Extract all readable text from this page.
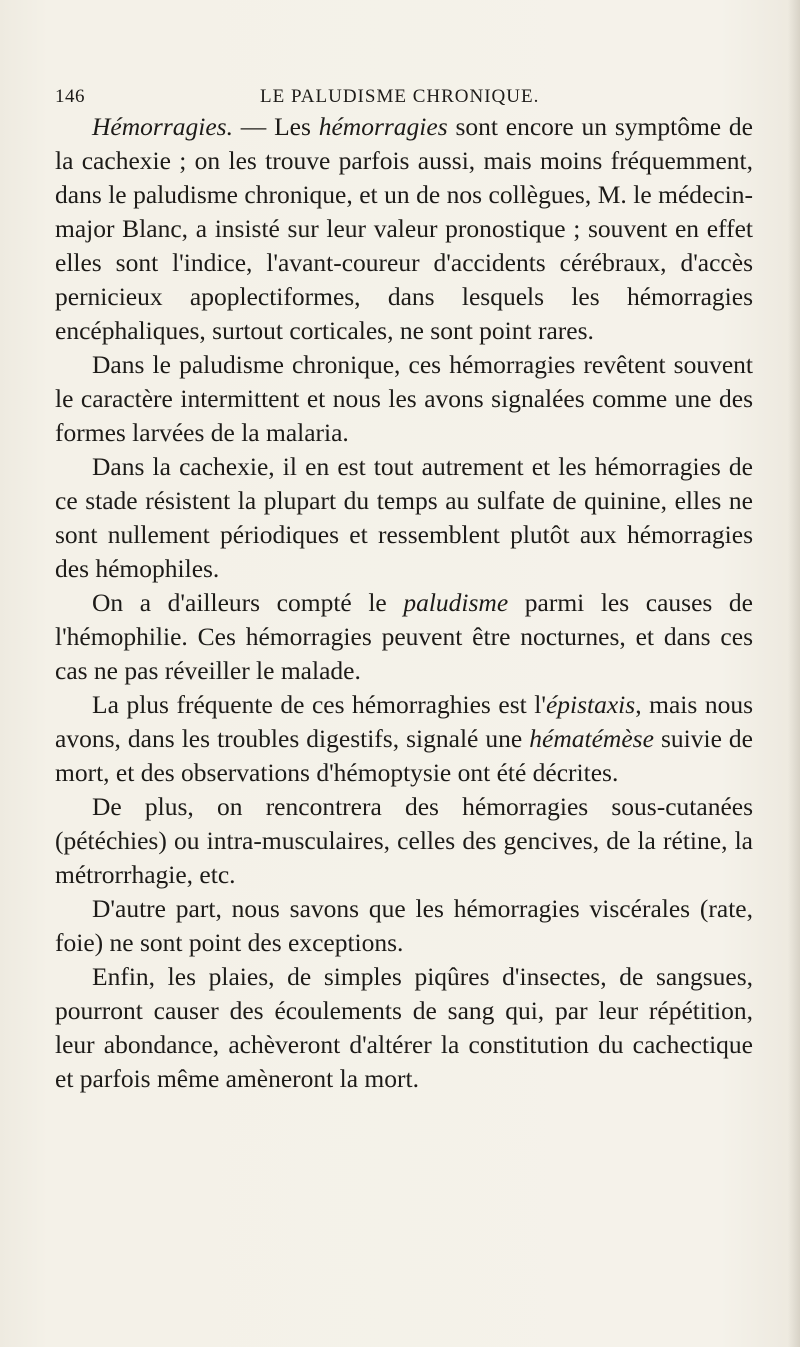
146	LE PALUDISME CHRONIQUE.

Hémorragies. — Les hémorragies sont encore un symptôme de la cachexie ; on les trouve parfois aussi, mais moins fréquemment, dans le paludisme chronique, et un de nos collègues, M. le médecin-major Blanc, a insisté sur leur valeur pronostique ; souvent en effet elles sont l'indice, l'avant-coureur d'accidents cérébraux, d'accès pernicieux apoplectiformes, dans lesquels les hémorragies encéphaliques, surtout corticales, ne sont point rares.

Dans le paludisme chronique, ces hémorragies revêtent souvent le caractère intermittent et nous les avons signalées comme une des formes larvées de la malaria.

Dans la cachexie, il en est tout autrement et les hémorragies de ce stade résistent la plupart du temps au sulfate de quinine, elles ne sont nullement périodiques et ressemblent plutôt aux hémorragies des hémophiles.

On a d'ailleurs compté le paludisme parmi les causes de l'hémophilie. Ces hémorragies peuvent être nocturnes, et dans ces cas ne pas réveiller le malade.

La plus fréquente de ces hémorraghies est l'épistaxis, mais nous avons, dans les troubles digestifs, signalé une hématémèse suivie de mort, et des observations d'hémoptysie ont été décrites.

De plus, on rencontrera des hémorragies sous-cutanées (pétéchies) ou intra-musculaires, celles des gencives, de la rétine, la métrorrhagie, etc.

D'autre part, nous savons que les hémorragies viscérales (rate, foie) ne sont point des exceptions.

Enfin, les plaies, de simples piqûres d'insectes, de sangsues, pourront causer des écoulements de sang qui, par leur répétition, leur abondance, achèveront d'altérer la constitution du cachectique et parfois même amèneront la mort.
